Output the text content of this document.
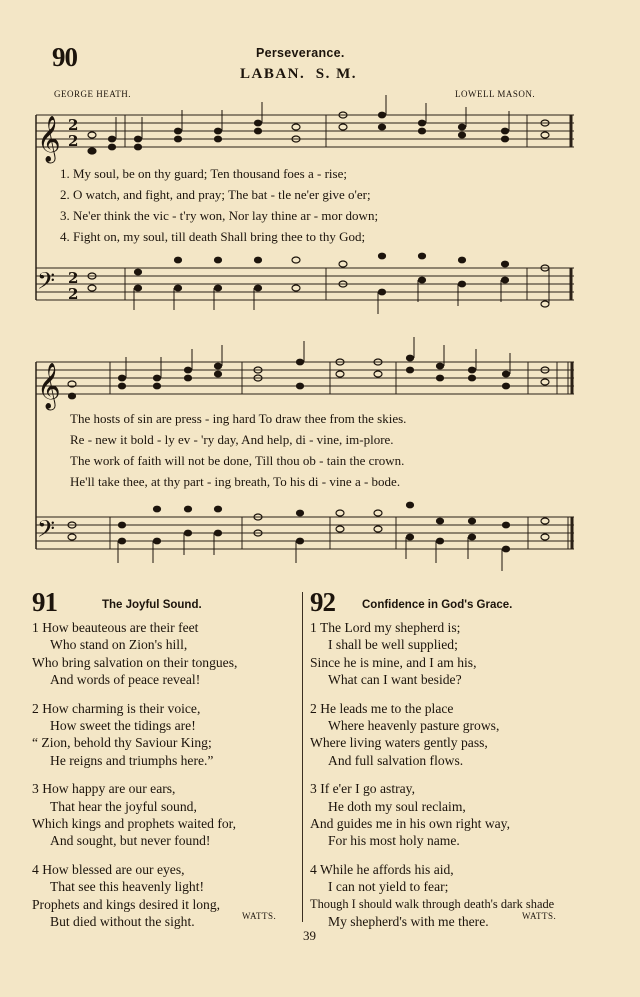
90	Perseverance.
LABAN.  S. M.
GEORGE HEATH.	LOWELL MASON.
𝄞
𝄢
𝄞
𝄢
2
2
2
2
1. My soul, be on thy guard; Ten thousand foes a - rise;
2. O watch, and fight, and pray; The bat - tle ne'er give o'er;
3. Ne'er think the vic - t'ry won, Nor lay thine ar - mor down;
4. Fight on, my soul, till death Shall bring thee to thy God;
The hosts of sin are press - ing hard To draw thee from the skies.
Re - new it bold - ly ev - 'ry day, And help, di - vine, im-plore.
The work of faith will not be done, Till thou ob - tain the crown.
He'll take thee, at thy part - ing breath, To his di - vine a - bode.
91	The Joyful Sound.
1 How beauteous are their feet
Who stand on Zion's hill,
Who bring salvation on their tongues,
And words of peace reveal!
2 How charming is their voice,
How sweet the tidings are!
“ Zion, behold thy Saviour King;
He reigns and triumphs here.”
3 How happy are our ears,
That hear the joyful sound,
Which kings and prophets waited for,
And sought, but never found!
4 How blessed are our eyes,
That see this heavenly light!
Prophets and kings desired it long,
But died without the sight.	WATTS.
92 Confidence in God's Grace.
1 The Lord my shepherd is;
I shall be well supplied;
Since he is mine, and I am his,
What can I want beside?
2 He leads me to the place
Where heavenly pasture grows,
Where living waters gently pass,
And full salvation flows.
3 If e'er I go astray,
He doth my soul reclaim,
And guides me in his own right way,
For his most holy name.
4 While he affords his aid,
I can not yield to fear;
Though I should walk through death's dark shade
My shepherd's with me there.	WATTS.
39
